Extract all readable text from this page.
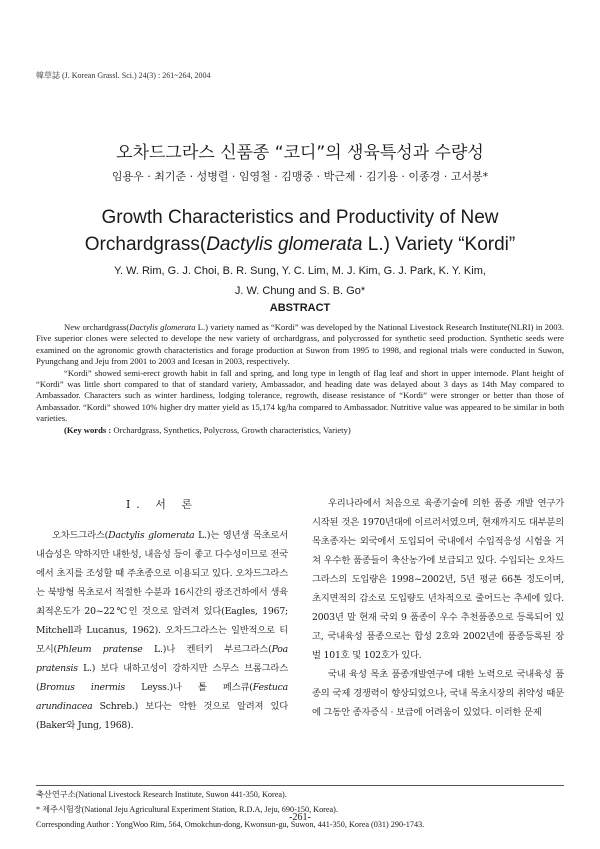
韓草誌 (J. Korean Grassl. Sci.) 24(3) : 261~264, 2004
오차드그라스 신품종 “코디”의 생육특성과 수량성
임용우 · 최기준 · 성병렬 · 임영철 · 김맹중 · 박근제 · 김기용 · 이종경 · 고서봉*
Growth Characteristics and Productivity of New
Orchardgrass(Dactylis glomerata L.) Variety “Kordi”
Y. W. Rim, G. J. Choi, B. R. Sung, Y. C. Lim, M. J. Kim, G. J. Park, K. Y. Kim,
J. W. Chung and S. B. Go*
ABSTRACT

New orchardgrass(Dactylis glomerata L.) variety named as “Kordi” was developed by the National Livestock Research Institute(NLRI) in 2003. Five superior clones were selected to develope the new variety of orchardgrass, and polycrossed for synthetic seed production. Synthetic seeds were examined on the agronomic growth characteristics and forage production at Suwon from 1995 to 1998, and regional trials were conducted in Suwon, Pyungchang and Jeju from 2001 to 2003 and Icesan in 2003, respectively.

“Kordi” showed semi-erect growth habit in fall and spring, and long type in length of flag leaf and short in upper internode. Plant height of “Kordi” was little short compared to that of standard variety, Ambassador, and heading date was delayed about 3 days as 14th May compared to Ambassador. Characters such as winter hardiness, lodging tolerance, regrowth, disease resistance of “Kordi” were stronger or better than those of Ambassador. “Kordi” showed 10% higher dry matter yield as 15,174 kg/ha compared to Ambassador. Nutritive value was appeared to be similar in both varieties.

(Key words : Orchardgrass, Synthetics, Polycross, Growth characteristics, Variety)

I. 서 론

오차드그라스(Dactylis glomerata L.)는 영년생 목초로서 내습성은 약하지만 내한성, 내음성 등이 좋고 다수성이므로 전국에서 초지를 조성할 때 주초종으로 이용되고 있다. 오차드그라스는 북방형 목초로서 적절한 수분과 16시간의 광조건하에서 생육최적온도가 20~22℃인 것으로 알려져 있다(Eagles, 1967; Mitchell과 Lucanus, 1962). 오차드그라스는 일반적으로 티모시(Phleum pratense L.)나 켄터키 부르그라스(Poa pratensis L.) 보다 내하고성이 강하지만 스무스 브롬그라스(Bromus inermis Leyss.)나 톨 페스큐(Festuca arundinacea Schreb.) 보다는 약한 것으로 알려져 있다(Baker와 Jung, 1968).

우리나라에서 처음으로 육종기술에 의한 품종 개발 연구가 시작된 것은 1970년대에 이르러서였으며, 현재까지도 대부분의 목초종자는 외국에서 도입되어 국내에서 수입적응성 시험을 거쳐 우수한 품종들이 축산농가에 보급되고 있다. 수입되는 오차드그라스의 도입량은 1998~2002년, 5년 평균 66톤 정도이며, 초지면적의 감소로 도입량도 년차적으로 줄어드는 추세에 있다. 2003년 말 현재 국외 9 품종이 우수 추천품종으로 등록되어 있고, 국내육성 품종으로는 합성 2호와 2002년에 품종등록된 장벌 101호 및 102호가 있다.

국내 육성 목초 품종개발연구에 대한 노력으로 국내육성 품종의 국제 경쟁력이 향상되었으나, 국내 목초시장의 취약성 때문에 그동안 종자증식 · 보급에 어려움이 있었다. 이러한 문제

축산연구소(National Livestock Research Institute, Suwon 441-350, Korea).
* 제주시험장(National Jeju Agricultural Experiment Station, R.D.A, Jeju, 690-150, Korea).
Corresponding Author : YongWoo Rim, 564, Omokchun-dong, Kwonsun-gu, Suwon, 441-350, Korea (031) 290-1743.
-261-
